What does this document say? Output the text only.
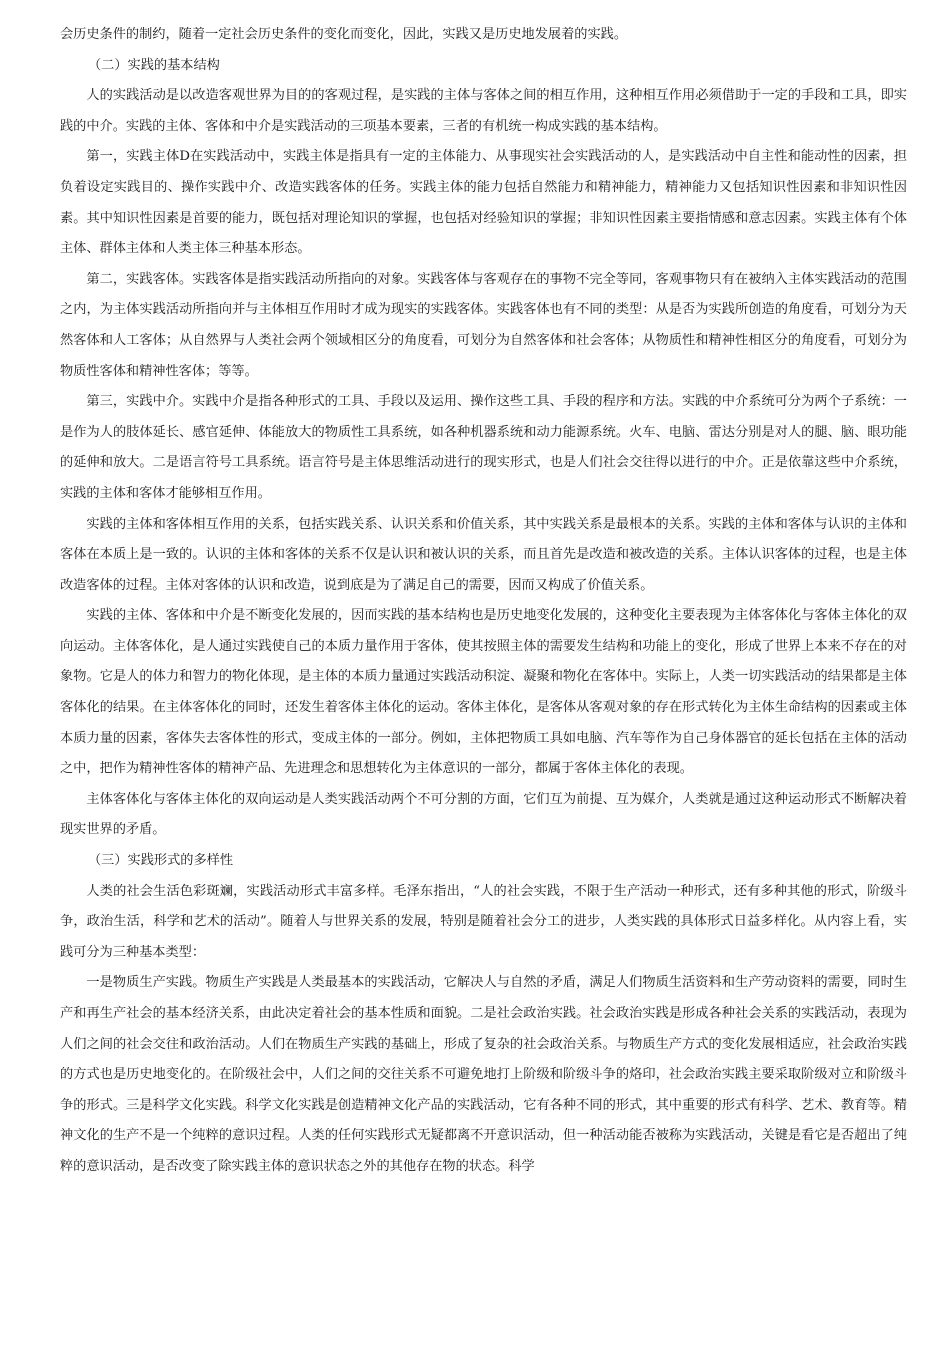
会历史条件的制约，随着一定社会历史条件的变化而变化，因此，实践又是历史地发展着的实践。

（二）实践的基本结构

人的实践活动是以改造客观世界为目的的客观过程，是实践的主体与客体之间的相互作用，这种相互作用必须借助于一定的手段和工具，即实践的中介。实践的主体、客体和中介是实践活动的三项基本要素，三者的有机统一构成实践的基本结构。

第一，实践主体D在实践活动中，实践主体是指具有一定的主体能力、从事现实社会实践活动的人，是实践活动中自主性和能动性的因素，担负着设定实践目的、操作实践中介、改造实践客体的任务。实践主体的能力包括自然能力和精神能力，精神能力又包括知识性因素和非知识性因素。其中知识性因素是首要的能力，既包括对理论知识的掌握，也包括对经验知识的掌握；非知识性因素主要指情感和意志因素。实践主体有个体主体、群体主体和人类主体三种基本形态。

第二，实践客体。实践客体是指实践活动所指向的对象。实践客体与客观存在的事物不完全等同，客观事物只有在被纳入主体实践活动的范围之内，为主体实践活动所指向并与主体相互作用时才成为现实的实践客体。实践客体也有不同的类型：从是否为实践所创造的角度看，可划分为天然客体和人工客体；从自然界与人类社会两个领域相区分的角度看，可划分为自然客体和社会客体；从物质性和精神性相区分的角度看，可划分为物质性客体和精神性客体；等等。

第三，实践中介。实践中介是指各种形式的工具、手段以及运用、操作这些工具、手段的程序和方法。实践的中介系统可分为两个子系统：一是作为人的肢体延长、感官延伸、体能放大的物质性工具系统，如各种机器系统和动力能源系统。火车、电脑、雷达分别是对人的腿、脑、眼功能的延伸和放大。二是语言符号工具系统。语言符号是主体思维活动进行的现实形式，也是人们社会交往得以进行的中介。正是依靠这些中介系统，实践的主体和客体才能够相互作用。

实践的主体和客体相互作用的关系，包括实践关系、认识关系和价值关系，其中实践关系是最根本的关系。实践的主体和客体与认识的主体和客体在本质上是一致的。认识的主体和客体的关系不仅是认识和被认识的关系，而且首先是改造和被改造的关系。主体认识客体的过程，也是主体改造客体的过程。主体对客体的认识和改造，说到底是为了满足自己的需要，因而又构成了价值关系。

实践的主体、客体和中介是不断变化发展的，因而实践的基本结构也是历史地变化发展的，这种变化主要表现为主体客体化与客体主体化的双向运动。主体客体化，是人通过实践使自己的本质力量作用于客体，使其按照主体的需要发生结构和功能上的变化，形成了世界上本来不存在的对象物。它是人的体力和智力的物化体现，是主体的本质力量通过实践活动积淀、凝聚和物化在客体中。实际上，人类一切实践活动的结果都是主体客体化的结果。在主体客体化的同时，还发生着客体主体化的运动。客体主体化，是客体从客观对象的存在形式转化为主体生命结构的因素或主体本质力量的因素，客体失去客体性的形式，变成主体的一部分。例如，主体把物质工具如电脑、汽车等作为自己身体器官的延长包括在主体的活动之中，把作为精神性客体的精神产品、先进理念和思想转化为主体意识的一部分，都属于客体主体化的表现。

主体客体化与客体主体化的双向运动是人类实践活动两个不可分割的方面，它们互为前提、互为媒介，人类就是通过这种运动形式不断解决着现实世界的矛盾。

（三）实践形式的多样性

人类的社会生活色彩斑斓，实践活动形式丰富多样。毛泽东指出，“人的社会实践，不限于生产活动一种形式，还有多种其他的形式，阶级斗争，政治生活，科学和艺术的活动”。随着人与世界关系的发展，特别是随着社会分工的进步，人类实践的具体形式日益多样化。从内容上看，实践可分为三种基本类型：

一是物质生产实践。物质生产实践是人类最基本的实践活动，它解决人与自然的矛盾，满足人们物质生活资料和生产劳动资料的需要，同时生产和再生产社会的基本经济关系，由此决定着社会的基本性质和面貌。二是社会政治实践。社会政治实践是形成各种社会关系的实践活动，表现为人们之间的社会交往和政治活动。人们在物质生产实践的基础上，形成了复杂的社会政治关系。与物质生产方式的变化发展相适应，社会政治实践的方式也是历史地变化的。在阶级社会中，人们之间的交往关系不可避免地打上阶级和阶级斗争的烙印，社会政治实践主要采取阶级对立和阶级斗争的形式。三是科学文化实践。科学文化实践是创造精神文化产品的实践活动，它有各种不同的形式，其中重要的形式有科学、艺术、教育等。精神文化的生产不是一个纯粹的意识过程。人类的任何实践形式无疑都离不开意识活动，但一种活动能否被称为实践活动，关键是看它是否超出了纯粹的意识活动，是否改变了除实践主体的意识状态之外的其他存在物的状态。科学
